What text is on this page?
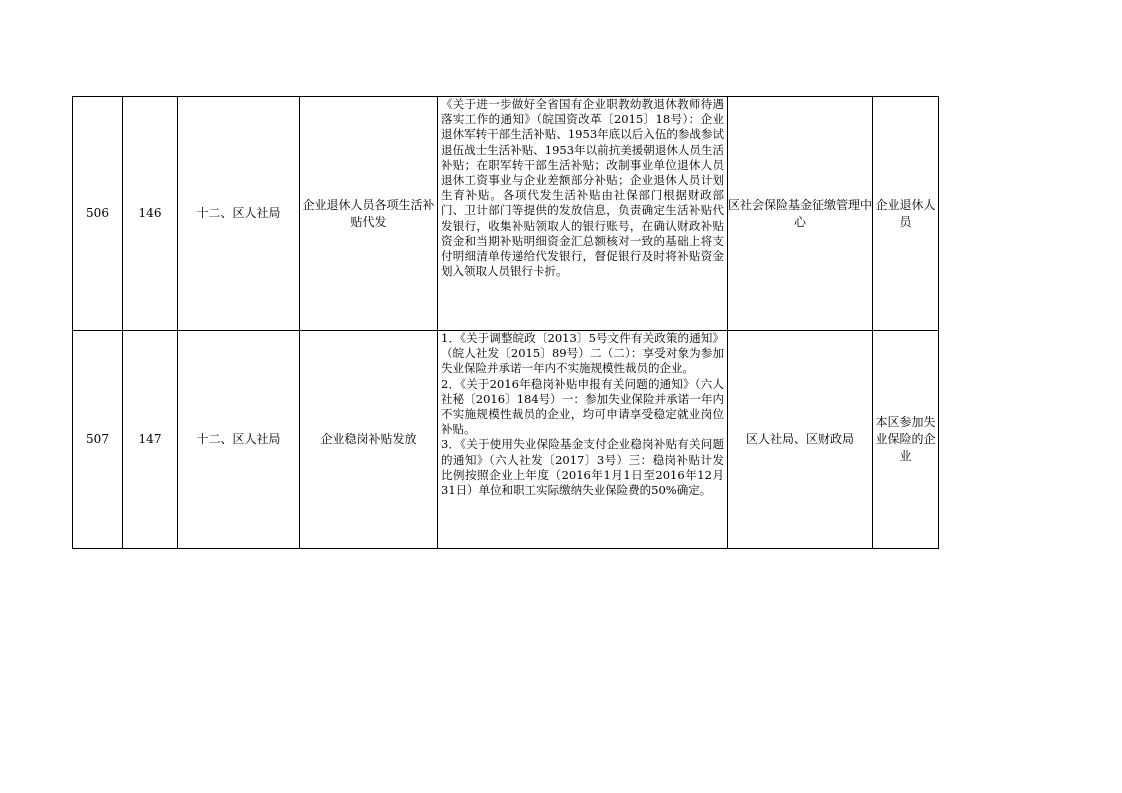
506	146	十二、区人社局	企业退休人员各项生活补贴代发	《关于进一步做好全省国有企业职教幼教退休教师待遇落实工作的通知》（皖国资改革〔2015〕18号）：企业退休军转干部生活补贴、1953年底以后入伍的参战参试退伍战士生活补贴、1953年以前抗美援朝退休人员生活补贴；在职军转干部生活补贴；改制事业单位退休人员退休工资事业与企业差额部分补贴；企业退休人员计划生育补贴。各项代发生活补贴由社保部门根据财政部门、卫计部门等提供的发放信息，负责确定生活补贴代发银行，收集补贴领取人的银行账号，在确认财政补贴资金和当期补贴明细资金汇总额核对一致的基础上将支付明细清单传递给代发银行，督促银行及时将补贴资金划入领取人员银行卡折。	区社会保险基金征缴管理中心	企业退休人员
507	147	十二、区人社局	企业稳岗补贴发放	1．《关于调整皖政〔2013〕5号文件有关政策的通知》（皖人社发〔2015〕89号）二（二）：享受对象为参加失业保险并承诺一年内不实施规模性裁员的企业。
2．《关于2016年稳岗补贴申报有关问题的通知》（六人社秘〔2016〕184号）一：参加失业保险并承诺一年内不实施规模性裁员的企业，均可申请享受稳定就业岗位补贴。
3．《关于使用失业保险基金支付企业稳岗补贴有关问题的通知》（六人社发〔2017〕3号）三：稳岗补贴计发比例按照企业上年度（2016年1月1日至2016年12月31日）单位和职工实际缴纳失业保险费的50%确定。	区人社局、区财政局	本区参加失业保险的企业
